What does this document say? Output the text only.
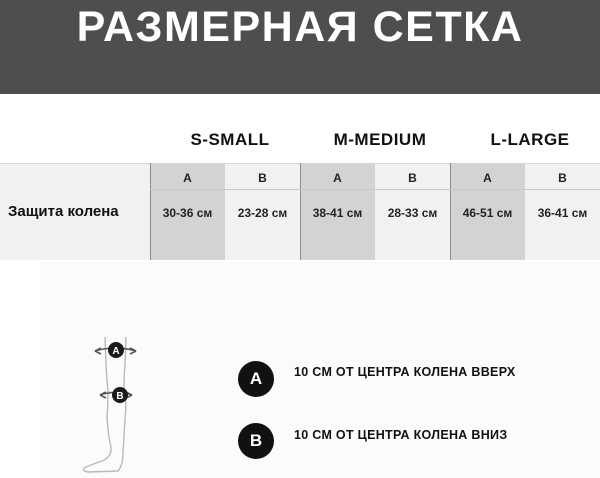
РАЗМЕРНАЯ СЕТКА
S-SMALL	M-MEDIUM	L-LARGE
A	B	A	B	A	B
Защита колена	30-36 см	23-28 см	38-41 см	28-33 см	46-51 см	36-41 см
A
B
A	10 СМ ОТ ЦЕНТРА КОЛЕНА ВВЕРХ
B	10 СМ ОТ ЦЕНТРА КОЛЕНА ВНИЗ
